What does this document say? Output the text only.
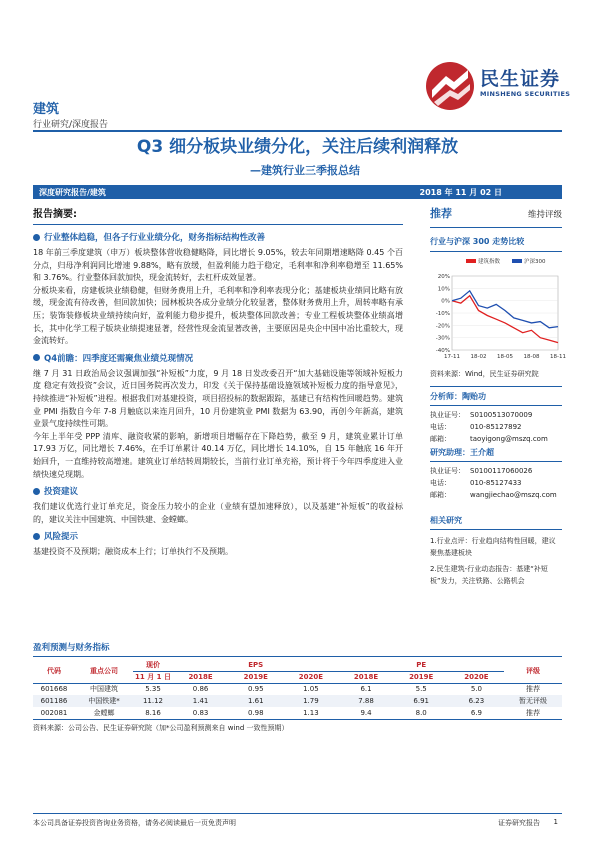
建筑
行业研究/深度报告
民生证券
MINSHENG SECURITIES
Q3 细分板块业绩分化，关注后续利润释放
—建筑行业三季报总结
深度研究报告/建筑	2018 年 11 月 02 日
报告摘要:
行业整体趋稳，但各子行业业绩分化，财务指标结构性改善
18 年前三季度建筑（申万）板块整体营收稳健略降，同比增长 9.05%，较去年同期增速略降 0.45 个百分点，归母净利润同比增速 9.88%，略有放缓，但盈利能力趋于稳定，毛利率和净利率稳增至 11.65%和 3.76%。行业整体回款加快，现金流转好，去杠杆成效显著。
分板块来看，房建板块业绩稳健，但财务费用上升，毛利率和净利率表现分化；基建板块业绩同比略有放缓，现金流有待改善，但回款加快；园林板块各成分业绩分化较显著，整体财务费用上升，周转率略有承压；装饰装修板块业绩持续向好，盈利能力稳步提升，板块整体回款改善；专业工程板块整体业绩高增长，其中化学工程子版块业绩提速显著，经营性现金流显著改善，主要原因是央企中国中冶比重较大，现金流转好。
Q4前瞻：四季度还需聚焦业绩兑现情况
继 7 月 31 日政治局会议强调加强“补短板”力度，9 月 18 日发改委召开“加大基础设施等领域补短板力度 稳定有效投资”会议，近日国务院再次发力，印发《关于保持基础设施领域补短板力度的指导意见》，持续推进“补短板”进程。根据我们对基建投资，项目招投标的数据跟踪，基建已有结构性回暖趋势。建筑业 PMI 指数自今年 7-8 月触底以来连月回升，10 月份建筑业 PMI 数据为 63.90，再创今年新高，建筑业景气度持续性可期。
今年上半年受 PPP 清库、融资收紧的影响，新增项目增幅存在下降趋势，截至 9 月，建筑业累计订单 17.93 万亿，同比增长 7.46%，在手订单累计 40.14 万亿，同比增长 14.10%，自 15 年触底 16 年开始回升，一直维持较高增速。建筑业订单结转周期较长，当前行业订单充裕，预计将于今年四季度进入业绩快速兑现期。
投资建议
我们建议优选行业订单充足，资金压力较小的企业（业绩有望加速释放），以及基建“补短板”的收益标的，建议关注中国建筑、中国铁建、金螳螂。
风险提示
基建投资不及预期；融资成本上行；订单执行不及预期。
推荐	维持评级
行业与沪深 300 走势比较
20%
10%
0%
-10%
-20%
-30%
-40%
17-11 18-02 18-05 18-08 18-11
建筑指数	沪深300
资料来源：Wind，民生证券研究院
分析师：陶贻功
执业证号： S0100513070009
电话：	010-85127892
邮箱：	taoyigong@mszq.com
研究助理：王介超
执业证号： S0100117060026
电话：	010-85127433
邮箱：	wangjiechao@mszq.com
相关研究
1.行业点评：行业趋向结构性回暖，建议聚焦基建板块
2.民生建筑-行业动态报告：基建“补短板”发力，关注铁路、公路机会
盈利预测与财务指标
代码	重点公司	现价	EPS			PE			评级
		11 月 1 日	2018E	2019E	2020E	2018E	2019E	2020E	
601668	中国建筑	5.35	0.86	0.95	1.05	6.1	5.5	5.0	推荐
601186	中国铁建*	11.12	1.41	1.61	1.79	7.88	6.91	6.23	暂无评级
002081	金螳螂	8.16	0.83	0.98	1.13	9.4	8.0	6.9	推荐
资料来源：公司公告、民生证券研究院（加*公司盈利预测来自 wind 一致性预期）
本公司具备证券投资咨询业务资格，请务必阅读最后一页免责声明	证券研究报告 1
